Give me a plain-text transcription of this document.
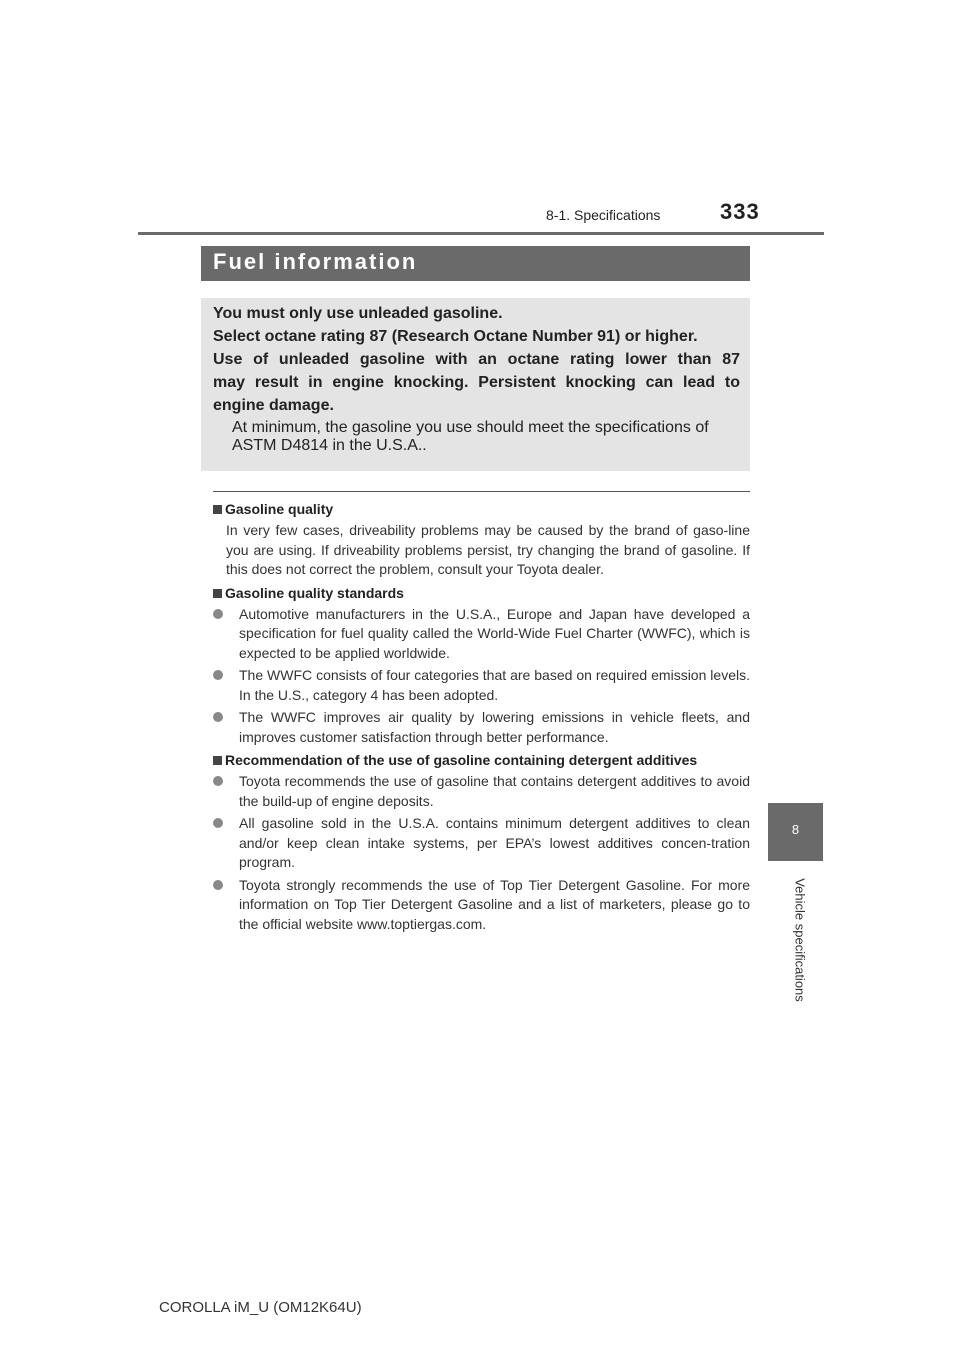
8-1. Specifications	333
8
Vehicle specifications
Fuel information
You must only use unleaded gasoline.
Select octane rating 87 (Research Octane Number 91) or higher.
Use of unleaded gasoline with an octane rating lower than 87
may result in engine knocking. Persistent knocking can lead to
engine damage.
At minimum, the gasoline you use should meet the specifications of ASTM D4814 in the U.S.A..
Gasoline quality
In very few cases, driveability problems may be caused by the brand of gaso-line you are using. If driveability problems persist, try changing the brand of gasoline. If this does not correct the problem, consult your Toyota dealer.
Gasoline quality standards
Automotive manufacturers in the U.S.A., Europe and Japan have developed a specification for fuel quality called the World-Wide Fuel Charter (WWFC), which is expected to be applied worldwide.
The WWFC consists of four categories that are based on required emission levels. In the U.S., category 4 has been adopted.
The WWFC improves air quality by lowering emissions in vehicle fleets, and improves customer satisfaction through better performance.
Recommendation of the use of gasoline containing detergent additives
Toyota recommends the use of gasoline that contains detergent additives to avoid the build-up of engine deposits.
All gasoline sold in the U.S.A. contains minimum detergent additives to clean and/or keep clean intake systems, per EPA’s lowest additives concen-tration program.
Toyota strongly recommends the use of Top Tier Detergent Gasoline. For more information on Top Tier Detergent Gasoline and a list of marketers, please go to the official website www.toptiergas.com.
COROLLA iM_U (OM12K64U)
